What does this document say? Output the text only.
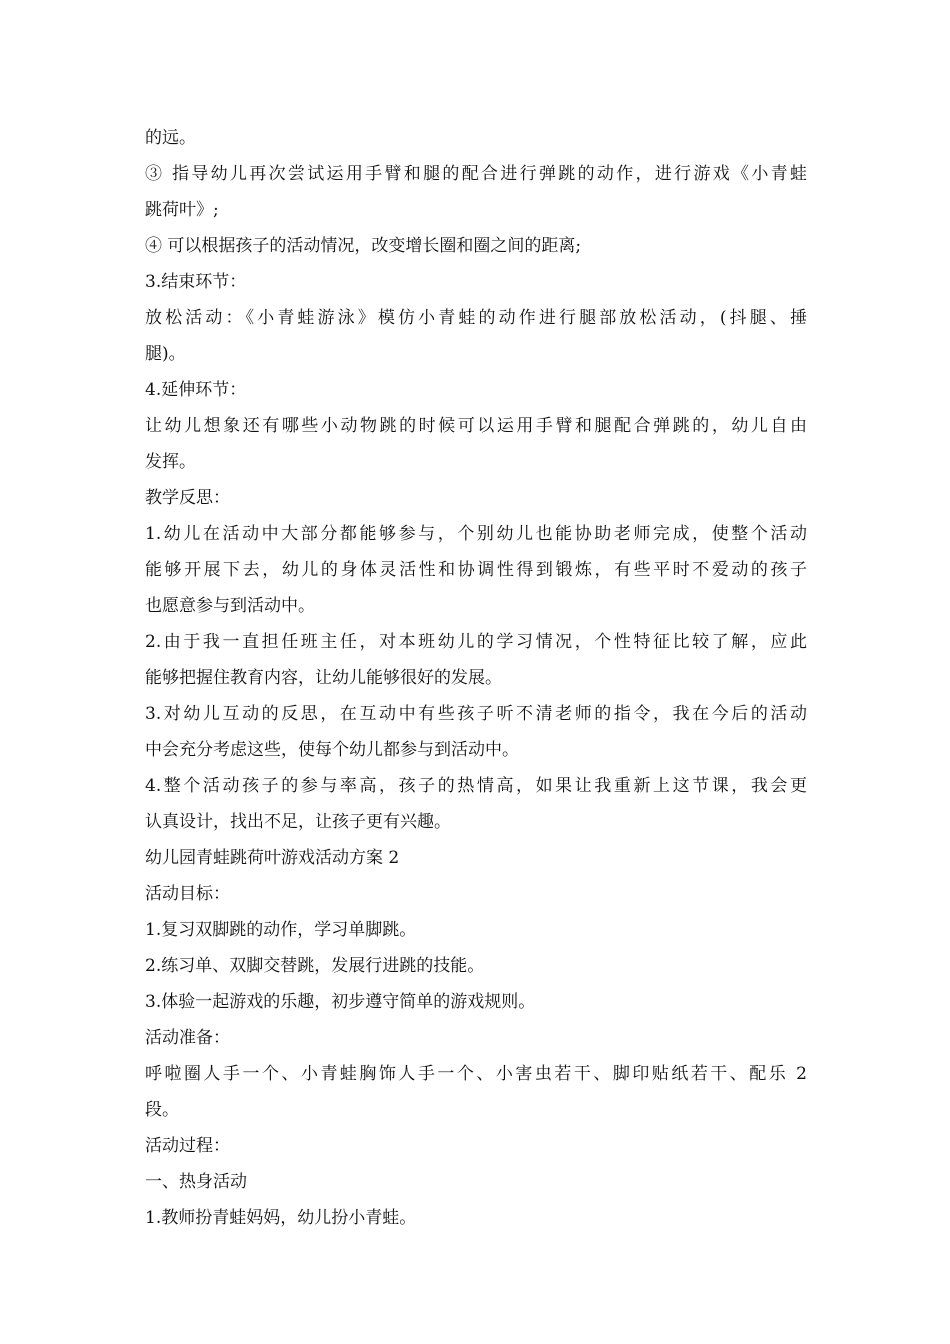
的远。
③ 指导幼儿再次尝试运用手臂和腿的配合进行弹跳的动作，进行游戏《小青蛙
跳荷叶》;
④ 可以根据孩子的活动情况，改变增长圈和圈之间的距离;
3.结束环节：
放松活动：《小青蛙游泳》模仿小青蛙的动作进行腿部放松活动，(抖腿、捶
腿)。
4.延伸环节：
让幼儿想象还有哪些小动物跳的时候可以运用手臂和腿配合弹跳的，幼儿自由
发挥。
教学反思：
1.幼儿在活动中大部分都能够参与，个别幼儿也能协助老师完成，使整个活动
能够开展下去，幼儿的身体灵活性和协调性得到锻炼，有些平时不爱动的孩子
也愿意参与到活动中。
2.由于我一直担任班主任，对本班幼儿的学习情况，个性特征比较了解，应此
能够把握住教育内容，让幼儿能够很好的发展。
3.对幼儿互动的反思，在互动中有些孩子听不清老师的指令，我在今后的活动
中会充分考虑这些，使每个幼儿都参与到活动中。
4.整个活动孩子的参与率高，孩子的热情高，如果让我重新上这节课，我会更
认真设计，找出不足，让孩子更有兴趣。
幼儿园青蛙跳荷叶游戏活动方案 2
活动目标：
1.复习双脚跳的动作，学习单脚跳。
2.练习单、双脚交替跳，发展行进跳的技能。
3.体验一起游戏的乐趣，初步遵守简单的游戏规则。
活动准备：
呼啦圈人手一个、小青蛙胸饰人手一个、小害虫若干、脚印贴纸若干、配乐 2
段。
活动过程：
一、热身活动
1.教师扮青蛙妈妈，幼儿扮小青蛙。
